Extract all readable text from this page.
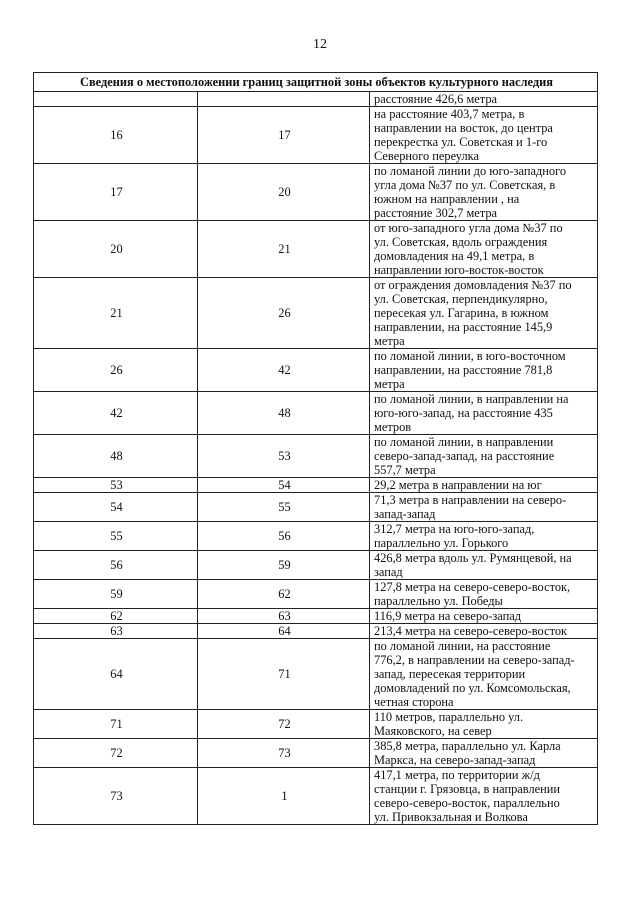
12
Сведения о местоположении границ защитной зоны объектов культурного наследия		

		расстояние 426,6 метра

16	17	на расстояние 403,7 метра, в
направлении на восток, до центра
перекрестка ул. Советская и 1-го
Северного переулка

17	20	по ломаной линии до юго-западного
угла дома №37 по ул. Советская, в
южном на направлении , на
расстояние 302,7 метра

20	21	от юго-западного угла дома №37 по
ул. Советская, вдоль ограждения
домовладения на 49,1 метра, в
направлении юго-восток-восток

21	26	от ограждения домовладения №37 по
ул. Советская, перпендикулярно,
пересекая ул. Гагарина, в южном
направлении, на расстояние 145,9
метра

26	42	по ломаной линии, в юго-восточном
направлении, на расстояние 781,8
метра

42	48	по ломаной линии, в направлении на
юго-юго-запад, на расстояние 435
метров

48	53	по ломаной линии, в направлении
северо-запад-запад, на расстояние
557,7 метра

53	54	29,2 метра в направлении на юг

54	55	71,3 метра в направлении на северо-
запад-запад

55	56	312,7 метра на юго-юго-запад,
параллельно ул. Горького

56	59	426,8 метра вдоль ул. Румянцевой, на
запад

59	62	127,8 метра на северо-северо-восток,
параллельно ул. Победы

62	63	116,9 метра на северо-запад

63	64	213,4 метра на северо-северо-восток

64	71	по ломаной линии, на расстояние
776,2, в направлении на северо-запад-
запад, пересекая территории
домовладений по ул. Комсомольская,
четная сторона

71	72	110 метров, параллельно ул.
Маяковского, на север

72	73	385,8 метра, параллельно ул. Карла
Маркса, на северо-запад-запад

73	1	417,1 метра, по территории ж/д
станции г. Грязовца, в направлении
северо-северо-восток, параллельно
ул. Привокзальная и Волкова
